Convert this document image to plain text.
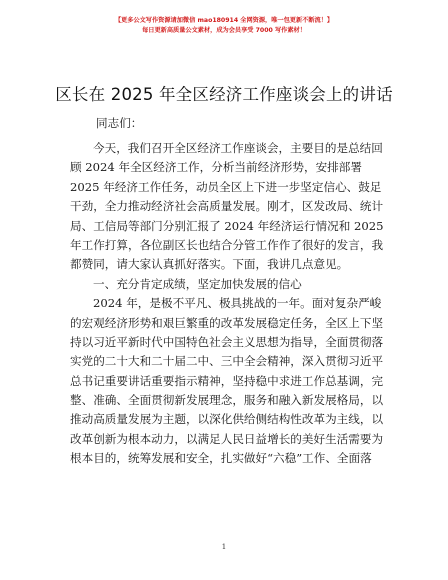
【更多公文写作资源请加微信 mao180914 全网资源，唯一包更新不断流！】
每日更新高质量公文素材，成为会员享受 7000 写作素材！
区长在 2025 年全区经济工作座谈会上的讲话
同志们：
今天，我们召开全区经济工作座谈会，主要目的是总结回
顾 2024 年全区经济工作，分析当前经济形势，安排部署
2025 年经济工作任务，动员全区上下进一步坚定信心、鼓足
干劲，全力推动经济社会高质量发展。刚才，区发改局、统计
局、工信局等部门分别汇报了 2024 年经济运行情况和 2025
年工作打算，各位副区长也结合分管工作作了很好的发言，我
都赞同，请大家认真抓好落实。下面，我讲几点意见。
一、充分肯定成绩，坚定加快发展的信心
2024 年，是极不平凡、极具挑战的一年。面对复杂严峻
的宏观经济形势和艰巨繁重的改革发展稳定任务，全区上下坚
持以习近平新时代中国特色社会主义思想为指导，全面贯彻落
实党的二十大和二十届二中、三中全会精神，深入贯彻习近平
总书记重要讲话重要指示精神，坚持稳中求进工作总基调，完
整、准确、全面贯彻新发展理念，服务和融入新发展格局，以
推动高质量发展为主题，以深化供给侧结构性改革为主线，以
改革创新为根本动力，以满足人民日益增长的美好生活需要为
根本目的，统筹发展和安全，扎实做好“六稳”工作、全面落
1
